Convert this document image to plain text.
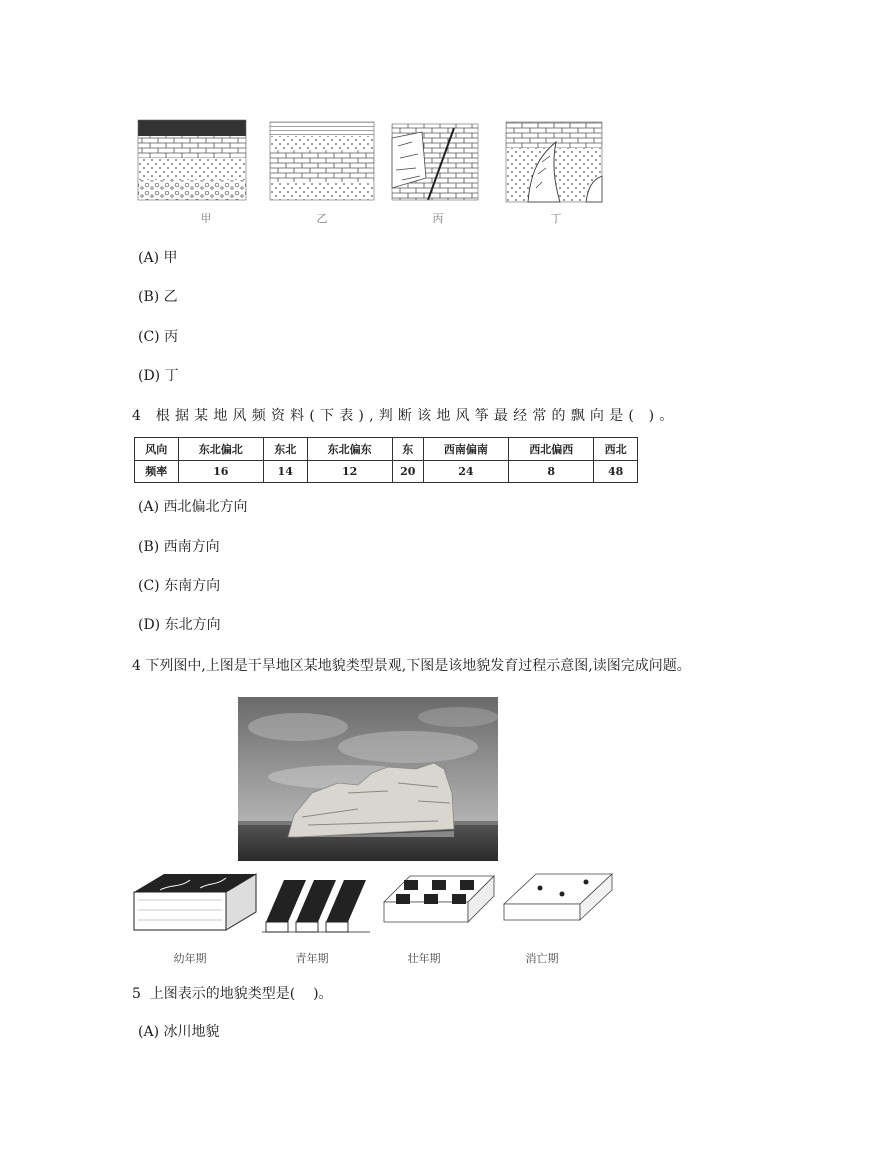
甲	乙	丙	丁
(A) 甲
(B) 乙
(C) 丙
(D) 丁
4 根据某地风频资料(下表),判断该地风筝最经常的飘向是( )。
风向	东北偏北	东北	东北偏东	东	西南偏南	西北偏西	西北
频率	16	14	12	20	24	8	48
(A) 西北偏北方向
(B) 西南方向
(C) 东南方向
(D) 东北方向
4 下列图中,上图是干旱地区某地貌类型景观,下图是该地貌发育过程示意图,读图完成问题。
幼年期	青年期	壮年期	消亡期
5  上图表示的地貌类型是(    )。
(A) 冰川地貌
